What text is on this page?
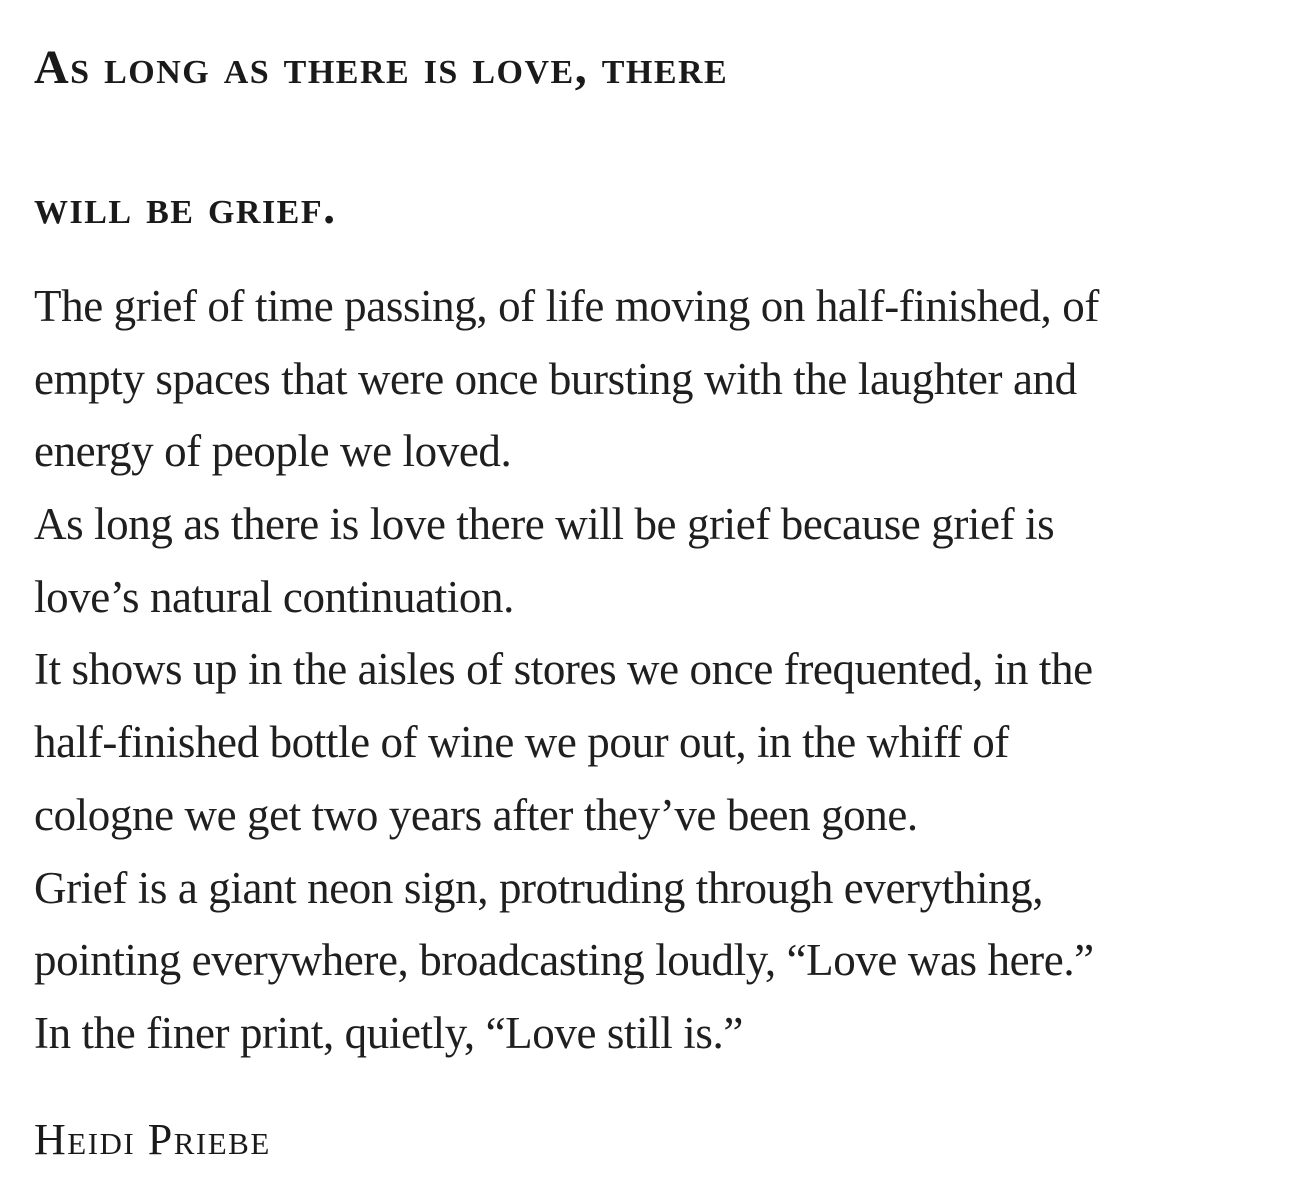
As long as there is love, there
will be grief.
The grief of time passing, of life moving on half-finished, of
empty spaces that were once bursting with the laughter and
energy of people we loved.
As long as there is love there will be grief because grief is
love’s natural continuation.
It shows up in the aisles of stores we once frequented, in the
half-finished bottle of wine we pour out, in the whiff of
cologne we get two years after they’ve been gone.
Grief is a giant neon sign, protruding through everything,
pointing everywhere, broadcasting loudly, “Love was here.”
In the finer print, quietly, “Love still is.”
Heidi Priebe
